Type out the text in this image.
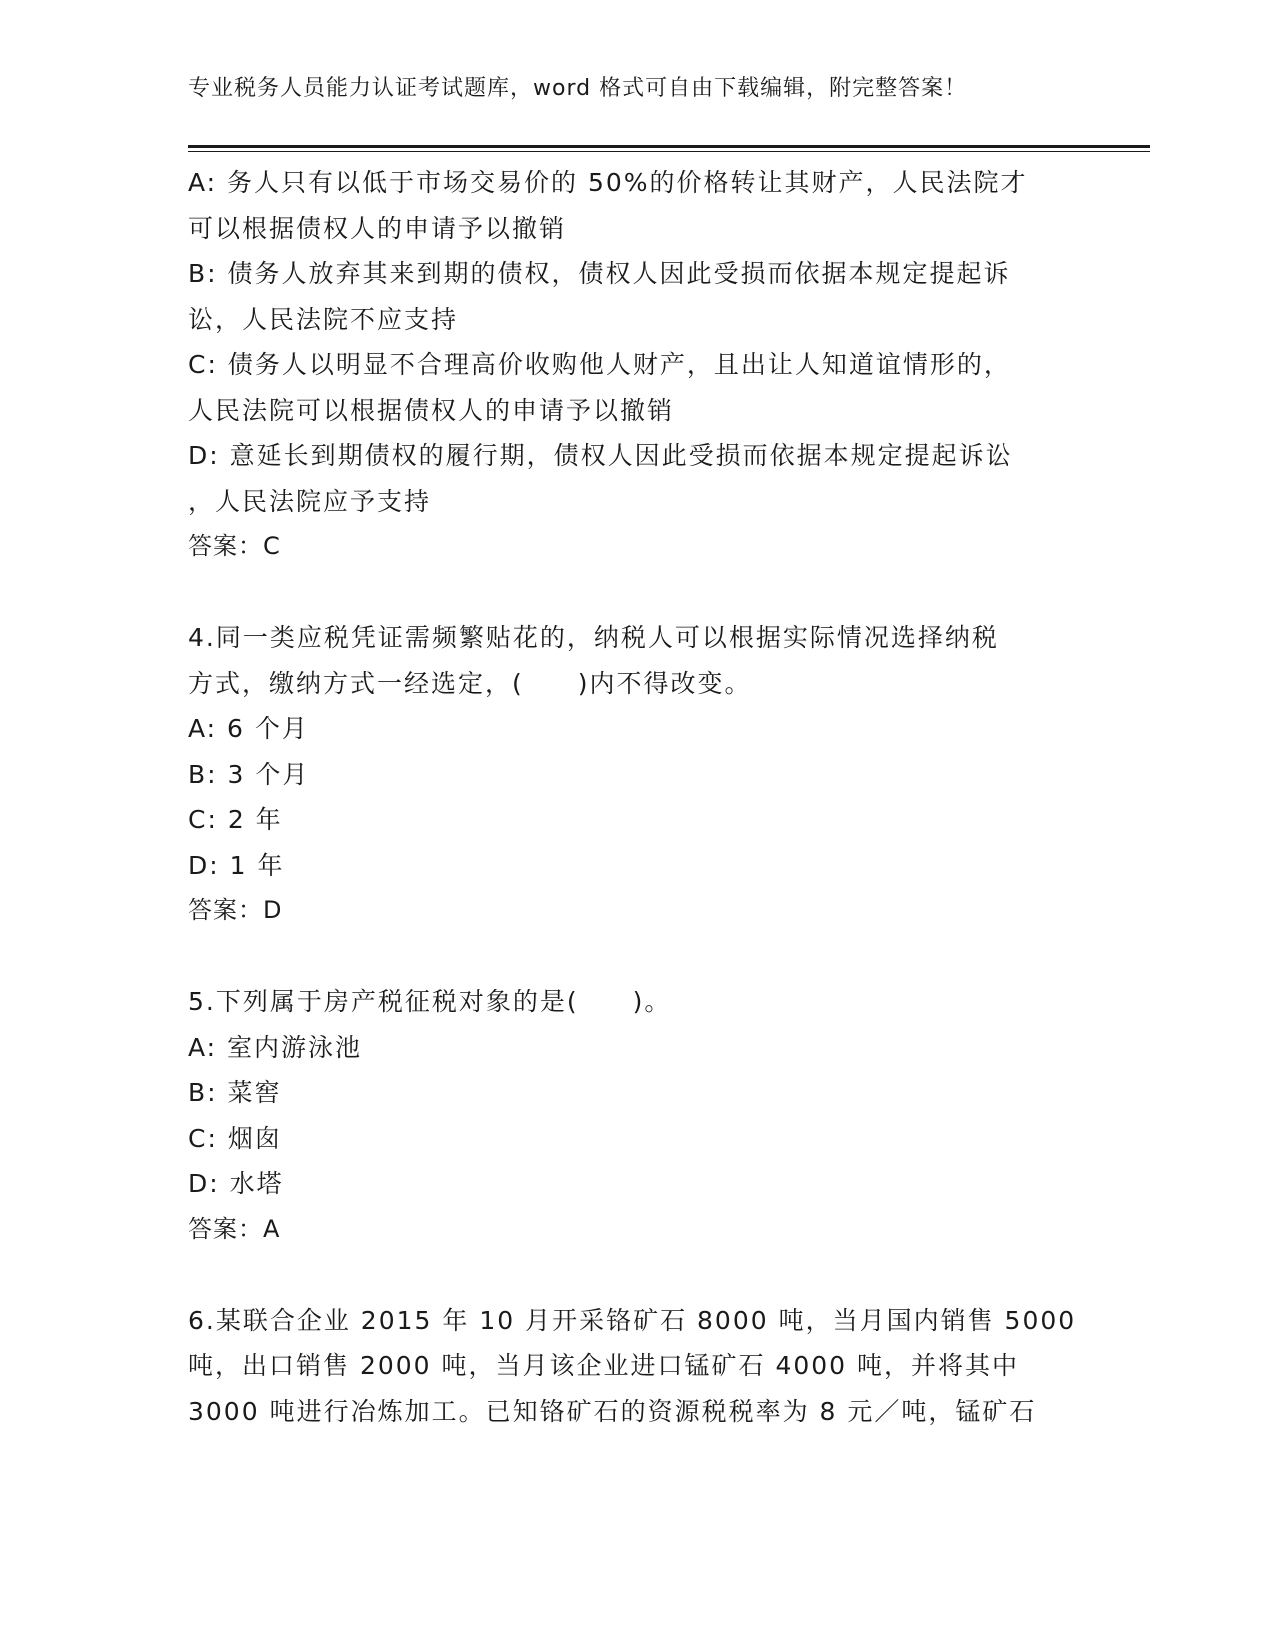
专业税务人员能力认证考试题库，word 格式可自由下载编辑，附完整答案！
A: 务人只有以低于市场交易价的 50%的价格转让其财产，人民法院才
可以根据债权人的申请予以撤销
B: 债务人放弃其来到期的债权，债权人因此受损而依据本规定提起诉
讼，人民法院不应支持
C: 债务人以明显不合理高价收购他人财产，且出让人知道谊情形的，
人民法院可以根据债权人的申请予以撤销
D: 意延长到期债权的履行期，债权人因此受损而依据本规定提起诉讼
，人民法院应予支持
答案：C
4.同一类应税凭证需频繁贴花的，纳税人可以根据实际情况选择纳税
方式，缴纳方式一经选定，(　　)内不得改变。
A: 6 个月
B: 3 个月
C: 2 年
D: 1 年
答案：D
5.下列属于房产税征税对象的是(　　)。
A: 室内游泳池
B: 菜窖
C: 烟囱
D: 水塔
答案：A
6.某联合企业 2015 年 10 月开采铬矿石 8000 吨，当月国内销售 5000
吨，出口销售 2000 吨，当月该企业进口锰矿石 4000 吨，并将其中
3000 吨进行冶炼加工。已知铬矿石的资源税税率为 8 元／吨，锰矿石
